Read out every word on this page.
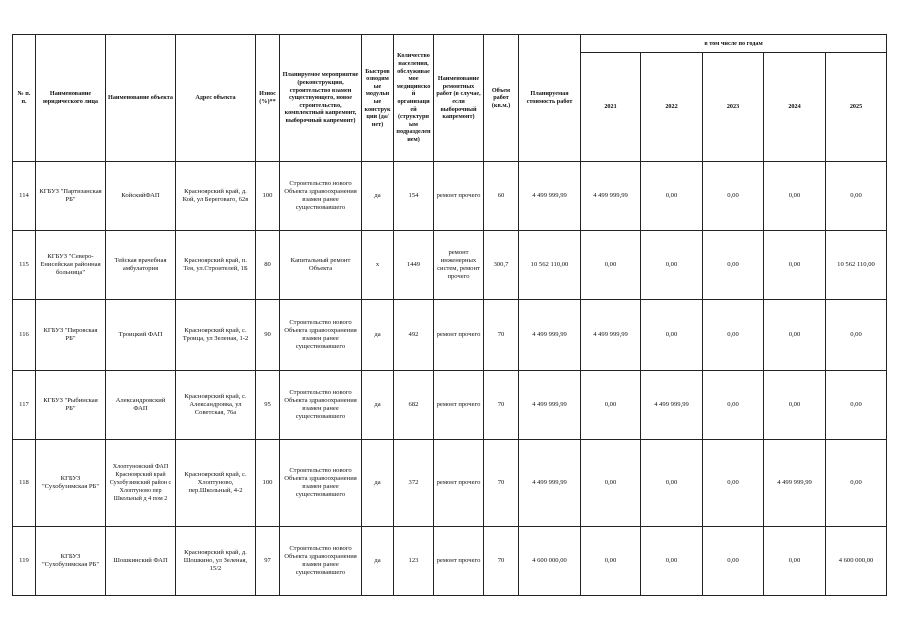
№ п. п.	Наименование юридического лица	Наименование объекта	Адрес объекта	Износ (%)**	Планируемое мероприятие (реконструкция, строительство взамен существующего, новое строительство, комплектный капремонт, выборочный капремонт)	Быстровозводимые модульные конструкции (да/нет)	Количество населения, обслуживаемое медицинской организацией (структурным подразделением)	Наименование ремонтных работ (в случае, если выборочный капремонт)	Объем работ (кв.м.)	Планируемая стоимость работ	в том числе по годам				
											2021	2022	2023	2024	2025
114	КГБУЗ "Партизанская РБ"	КойскийФАП	Красноярский край, д. Кой, ул Береговаго, 62в	100	Строительство нового Объекта здравоохранения взамен ранее существовавшего	да	154	ремонт прочего	60	4 499 999,99	4 499 999,99	0,00	0,00	0,00	0,00
115	КГБУЗ "Северо-Енисейская районная больница"	Тейская врачебная амбулатория	Красноярский край, п. Тея, ул.Строителей, 1Б	80	Капитальный ремонт Объекта	х	1449	ремонт инженерных систем, ремонт прочего	300,7	10 562 110,00	0,00	0,00	0,00	0,00	10 562 110,00
116	КГБУЗ "Пировская РБ"	Троицкий ФАП	Красноярский край, с. Троица, ул Зеленая, 1-2	90	Строительство нового Объекта здравоохранения взамен ранее существовавшего	да	492	ремонт прочего	70	4 499 999,99	4 499 999,99	0,00	0,00	0,00	0,00
117	КГБУЗ "Рыбинская РБ"	Александровский ФАП	Красноярский край, с. Александровка, ул Советская, 76а	95	Строительство нового Объекта здравоохранения взамен ранее существовавшего	да	682	ремонт прочего	70	4 499 999,99	0,00	4 499 999,99	0,00	0,00	0,00
118	КГБУЗ "Сухобузимская РБ"	Хлоптуновский ФАП Красноярский край Сухобузимский район с Хлоптуново пер Школьный д 4 пом 2	Красноярский край, с. Хлоптуново, пер.Школьный, 4-2	100	Строительство нового Объекта здравоохранения взамен ранее существовавшего	да	372	ремонт прочего	70	4 499 999,99	0,00	0,00	0,00	4 499 999,99	0,00
119	КГБУЗ "Сухобузимская РБ"	Шошкинский ФАП	Красноярский край, д. Шошкино, ул Зеленая, 15/2	97	Строительство нового Объекта здравоохранения взамен ранее существовавшего	да	123	ремонт прочего	70	4 600 000,00	0,00	0,00	0,00	0,00	4 600 000,00
